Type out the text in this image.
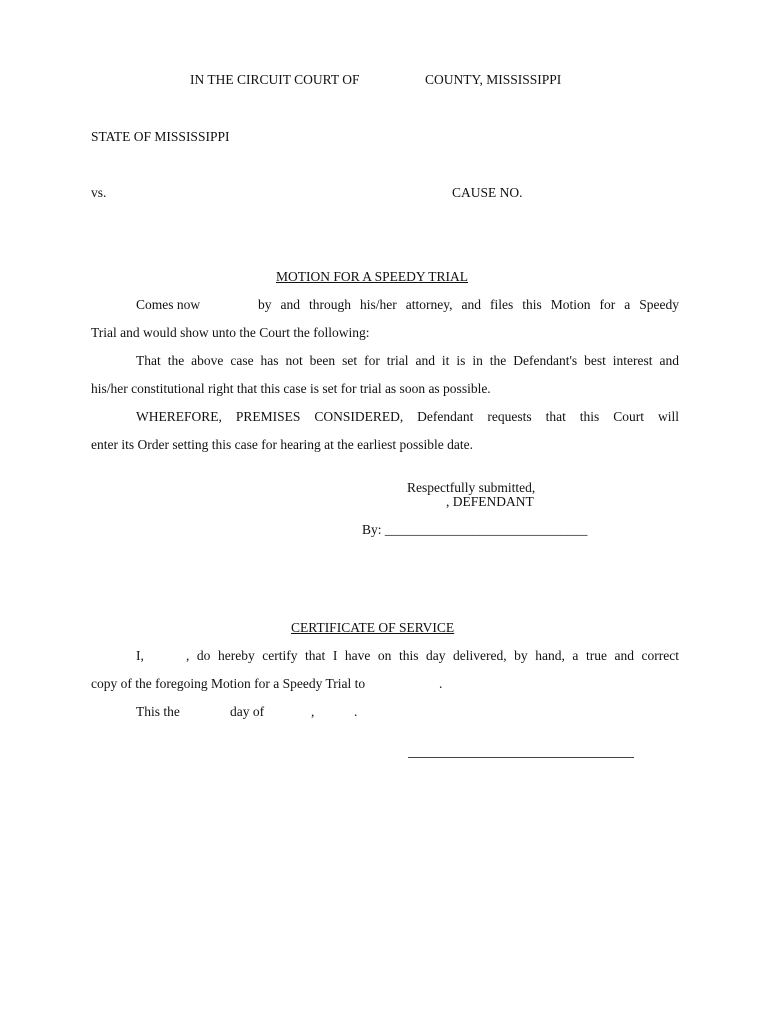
IN THE CIRCUIT COURT OF	COUNTY, MISSISSIPPI
STATE OF MISSISSIPPI
vs.	CAUSE NO.
MOTION FOR A SPEEDY TRIAL
Comes now	by and through his/her attorney, and files this Motion for a Speedy
Trial and would show unto the Court the following:
That the above case has not been set for trial and it is in the Defendant's best interest and
his/her constitutional right that this case is set for trial as soon as possible.
WHEREFORE, PREMISES CONSIDERED, Defendant requests that this Court will
enter its Order setting this case for hearing at the earliest possible date.
Respectfully submitted,
, DEFENDANT
By: ______________________________
CERTIFICATE OF SERVICE
I,	, do hereby certify that I have on this day delivered, by hand, a true and correct
copy of the foregoing Motion for a Speedy Trial to	.
This the	day of	,	.
